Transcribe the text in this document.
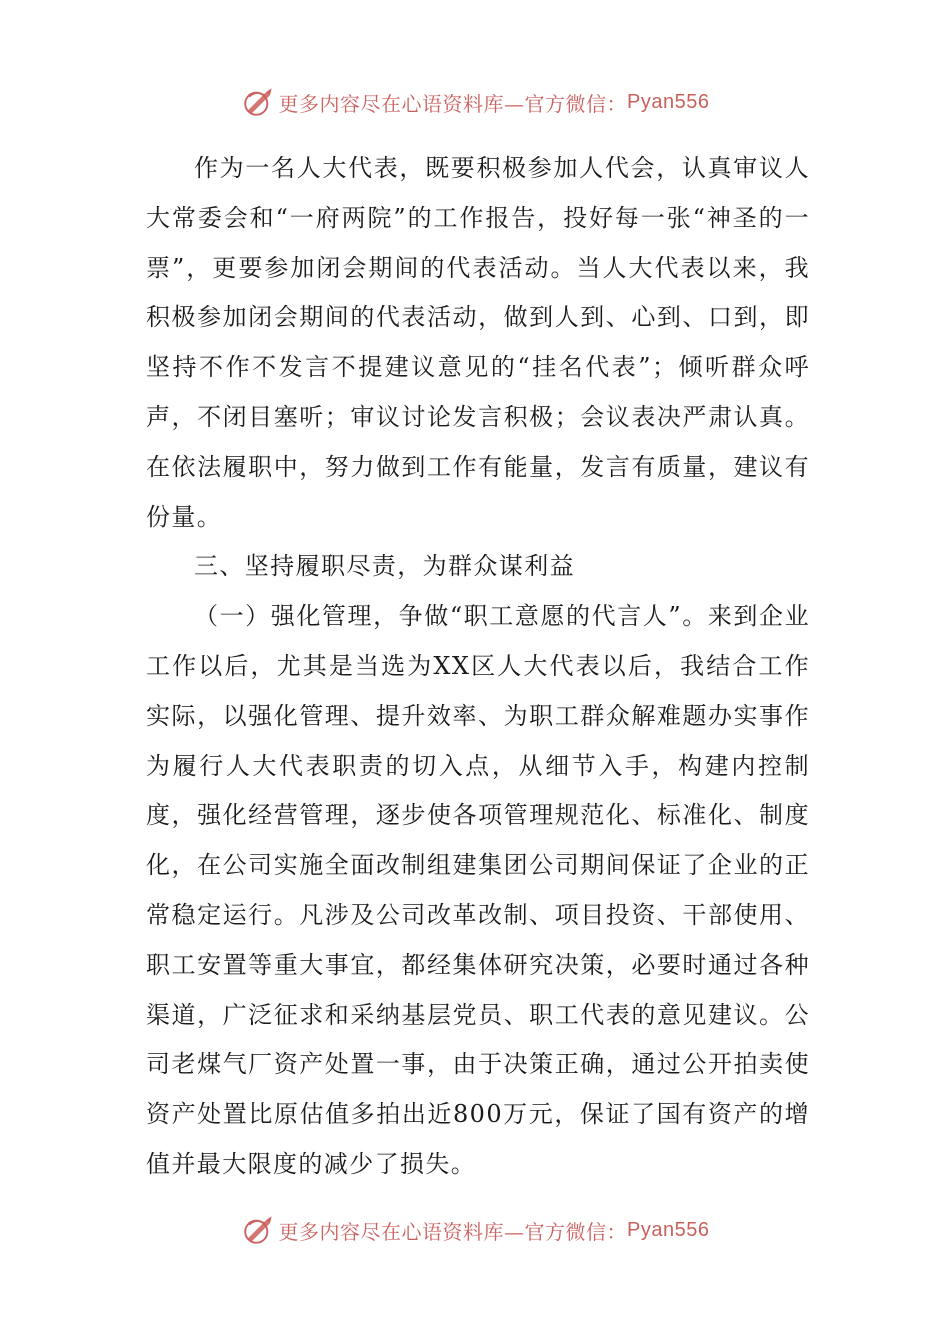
更多内容尽在心语资料库—官方微信： Pyan556

作为一名人大代表，既要积极参加人代会，认真审议人大常委会和“一府两院”的工作报告，投好每一张“神圣的一票”，更要参加闭会期间的代表活动。当人大代表以来，我积极参加闭会期间的代表活动，做到人到、心到、口到，即坚持不作不发言不提建议意见的“挂名代表”；倾听群众呼声，不闭目塞听；审议讨论发言积极；会议表决严肃认真。在依法履职中，努力做到工作有能量，发言有质量，建议有份量。

三、坚持履职尽责，为群众谋利益

（一）强化管理，争做“职工意愿的代言人”。来到企业工作以后，尤其是当选为XX区人大代表以后，我结合工作实际，以强化管理、提升效率、为职工群众解难题办实事作为履行人大代表职责的切入点，从细节入手，构建内控制度，强化经营管理，逐步使各项管理规范化、标准化、制度化，在公司实施全面改制组建集团公司期间保证了企业的正常稳定运行。凡涉及公司改革改制、项目投资、干部使用、职工安置等重大事宜，都经集体研究决策，必要时通过各种渠道，广泛征求和采纳基层党员、职工代表的意见建议。公司老煤气厂资产处置一事，由于决策正确，通过公开拍卖使资产处置比原估值多拍出近800万元，保证了国有资产的增值并最大限度的减少了损失。

更多内容尽在心语资料库—官方微信： Pyan556
